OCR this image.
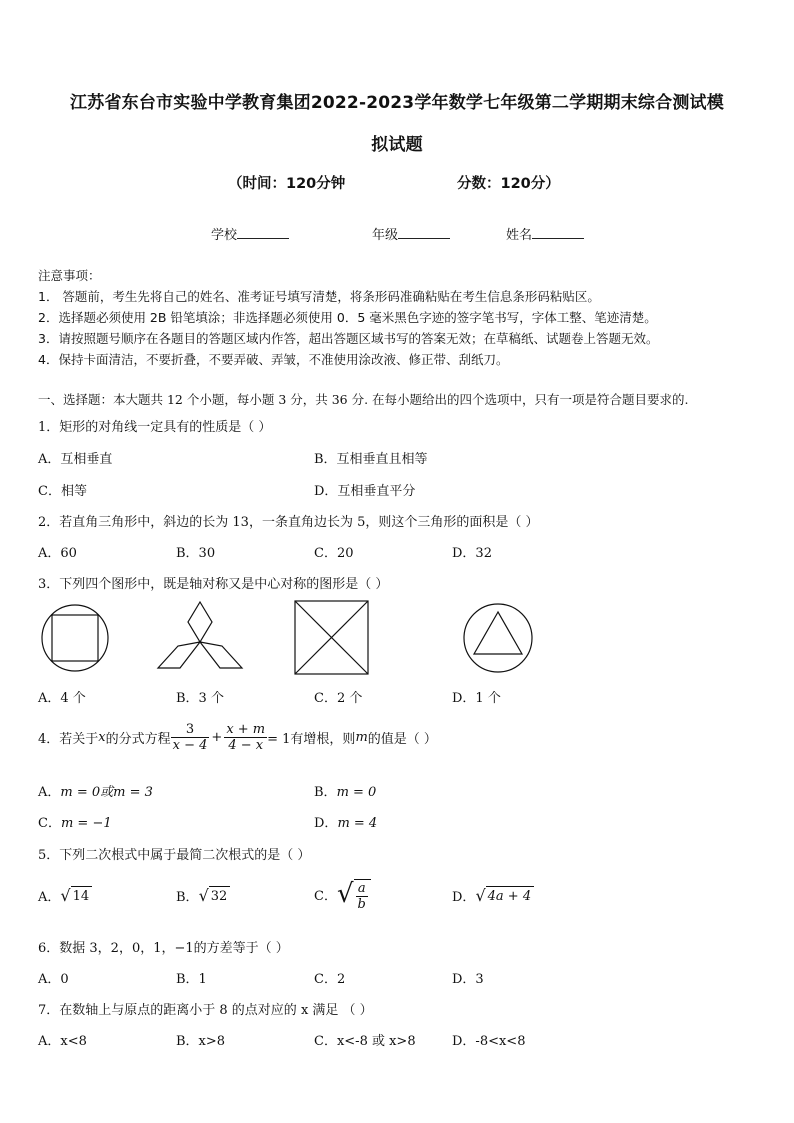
江苏省东台市实验中学教育集团2022-2023学年数学七年级第二学期期末综合测试模
拟试题
（时间：120分钟	分数：120分）
学校	年级	姓名
注意事项：
1． 答题前，考生先将自己的姓名、准考证号填写清楚，将条形码准确粘贴在考生信息条形码粘贴区。
2．选择题必须使用 2B 铅笔填涂；非选择题必须使用 0．5 毫米黑色字迹的签字笔书写，字体工整、笔迹清楚。
3．请按照题号顺序在各题目的答题区域内作答，超出答题区域书写的答案无效；在草稿纸、试题卷上答题无效。
4．保持卡面清洁，不要折叠，不要弄破、弄皱，不准使用涂改液、修正带、刮纸刀。
一、选择题：本大题共 12 个小题，每小题 3 分，共 36 分. 在每小题给出的四个选项中，只有一项是符合题目要求的.
1．矩形的对角线一定具有的性质是（ ）
A．互相垂直	B．互相垂直且相等
C．相等	D．互相垂直平分
2．若直角三角形中，斜边的长为 13，一条直角边长为 5，则这个三角形的面积是（ ）
A．60	B．30	C．20	D．32
3．下列四个图形中，既是轴对称又是中心对称的图形是（ ）
A．4 个	B．3 个	C．2 个	D．1 个
4．若关于 x 的分式方程 $\frac{3}{x - 4} + \frac{x + m}{4 - x} = 1$有增根，则 m 的值是（ ）
A．m = 0或m = 3	B．m = 0
C．m = −1	D．m = 4
5．下列二次根式中属于最简二次根式的是（ ）
A． √ 14	B． √ 32	C． √ $\frac{a}{b}$	D． √ 4a + 4
6．数据 3，2，0，1，−1的方差等于（ ）
A．0	B．1	C．2	D．3
7．在数轴上与原点的距离小于 8 的点对应的 x 满足 （ ）
A．x<8	B．x>8	C．x<-8 或 x>8	D．-8<x<8
